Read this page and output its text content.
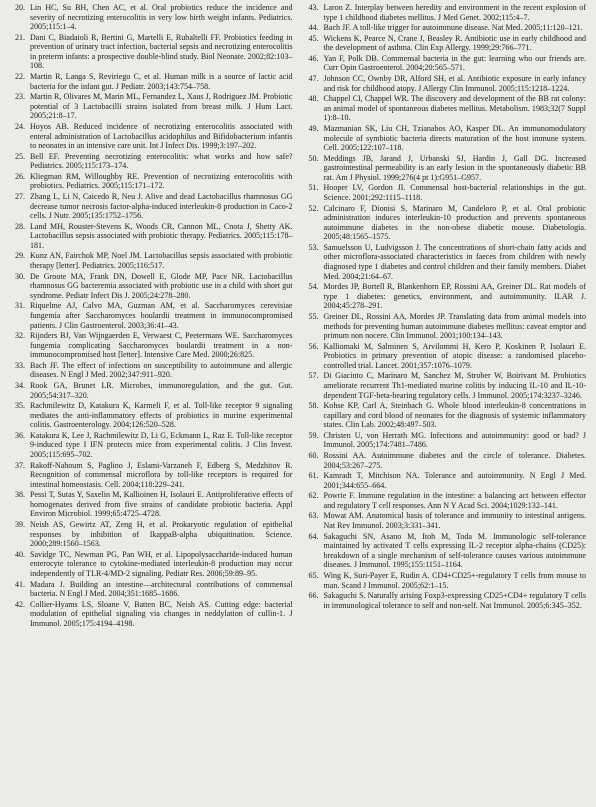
20. Lin HC, Su BH, Chen AC, et al. Oral probiotics reduce the incidence and severity of necrotizing enterocolitis in very low birth weight infants. Pediatrics. 2005;115:1–4.
21. Dani C, Biadaioli R, Bertini G, Martelli E, Rubaltelli FF. Probiotics feeding in prevention of urinary tract infection, bacterial sepsis and necrotizing enterocolitis in preterm infants: a prospective double-blind study. Biol Neonate. 2002;82:103–108.
22. Martin R, Langa S, Reviriego C, et al. Human milk is a source of lactic acid bacteria for the infant gut. J Pediatr. 2003;143:754–758.
23. Martin R, Olivares M, Marin ML, Fernandez L, Xaus J, Rodriguez JM. Probiotic potential of 3 Lactobacilli strains isolated from breast milk. J Hum Lact. 2005;21:8–17.
24. Hoyos AB. Reduced incidence of necrotizing enterocolitis associated with enteral administration of Lactobacillus acidophilus and Bifidobacterium infantis to neonates in an intensive care unit. Int J Infect Dis. 1999;3:197–202.
25. Bell EF. Preventing necrotizing enterocolitis: what works and how safe? Pediatrics. 2005;115:173–174.
26. Kliegman RM, Willoughby RE. Prevention of necrotizing enterocolitis with probiotics. Pediatrics. 2005;115:171–172.
27. Zhang L, Li N, Caicedo R, Neu J. Alive and dead Lactobacillus rhamnosus GG decrease tumor necrosis factor-alpha-induced interleukin-8 production in Caco-2 cells. J Nutr. 2005;135:1752–1756.
28. Land MH, Rouster-Stevens K, Woods CR, Cannon ML, Cnota J, Shetty AK. Lactobacillus sepsis associated with probiotic therapy. Pediatrics. 2005;115:178–181.
29. Kunz AN, Fairchok MP, Noel JM. Lactobacillus sepsis associated with probiotic therapy [letter]. Pediatrics. 2005;116:517.
30. De Groote MA, Frank DN, Dowell E, Glode MP, Pace NR. Lactobacillus rhamnosus GG bacteremia associated with probiotic use in a child with short gut syndrome. Pediatr Infect Dis J. 2005;24:278–280.
31. Riquelme AJ, Calvo MA, Guzman AM, et al. Saccharomyces cerevisiae fungemia after Saccharomyces boulardii treatment in immunocompromised patients. J Clin Gastroenterol. 2003;36:41–43.
32. Rijnders BJ, Van Wijngaerden E, Verwaest C, Peetermans WE. Saccharomyces fungemia complicating Saccharomyces boulardii treatment in a non-immunocompromised host [letter]. Intensive Care Med. 2000;26:825.
33. Bach JF. The effect of infections on susceptibility to autoimmune and allergic diseases. N Engl J Med. 2002;347:911–920.
34. Rook GA, Brunet LR. Microbes, immunoregulation, and the gut. Gut. 2005;54:317–320.
35. Rachmilewitz D, Katakura K, Karmeli F, et al. Toll-like receptor 9 signaling mediates the anti-inflammatory effects of probiotics in murine experimental colitis. Gastroenterology. 2004;126:520–528.
36. Katakura K, Lee J, Rachmilewitz D, Li G, Eckmann L, Raz E. Toll-like receptor 9-induced type I IFN protects mice from experimental colitis. J Clin Invest. 2005;115:695–702.
37. Rakoff-Nahoum S, Paglino J, Eslami-Varzaneh F, Edberg S, Medzhitov R. Recognition of commensal microflora by toll-like receptors is required for intestinal homeostasis. Cell. 2004;118:229–241.
38. Pessi T, Sutas Y, Saxelin M, Kallioinen H, Isolauri E. Antiproliferative effects of homogenates derived from five strains of candidate probiotic bacteria. Appl Environ Microbiol. 1999;65:4725–4728.
39. Neish AS, Gewirtz AT, Zeng H, et al. Prokaryotic regulation of epithelial responses by inhibition of IkappaB-alpha ubiquitination. Science. 2000;289:1560–1563.
40. Savidge TC, Newman PG, Pan WH, et al. Lipopolysaccharide-induced human enterocyte tolerance to cytokine-mediated interleukin-8 production may occur independently of TLR-4/MD-2 signaling. Pediatr Res. 2006;59:89–95.
41. Madara J. Building an intestine—architectural contributions of commensal bacteria. N Engl J Med. 2004;351:1685–1686.
42. Collier-Hyams LS, Sloane V, Batten BC, Neish AS. Cutting edge: bacterial modulation of epithelial signaling via changes in neddylation of cullin-1. J Immunol. 2005;175:4194–4198.
43. Laron Z. Interplay between heredity and environment in the recent explosion of type 1 childhood diabetes mellitus. J Med Genet. 2002;115:4–7.
44. Bach JF. A toll-like trigger for autoimmune disease. Nat Med. 2005;11:120–121.
45. Wickens K, Pearce N, Crane J, Beasley R. Antibiotic use in early childhood and the development of asthma. Clin Exp Allergy. 1999;29:766–771.
46. Yan F, Polk DB. Commensal bacteria in the gut: learning who our friends are. Curr Opin Gastroenterol. 2004;20:565–571.
47. Johnson CC, Ownby DR, Alford SH, et al. Antibiotic exposure in early infancy and risk for childhood atopy. J Allergy Clin Immunol. 2005;115:1218–1224.
48. Chappel CI, Chappel WR. The discovery and development of the BB rat colony: an animal model of spontaneous diabetes mellitus. Metabolism. 1983;32(7 Suppl 1):8–10.
49. Mazmanian SK, Liu CH, Tzianabos AO, Kasper DL. An immunomodulatory molecule of symbiotic bacteria directs maturation of the host immune system. Cell. 2005;122:107–118.
50. Meddings JB, Jarand J, Urbanski SJ, Hardin J, Gall DG. Increased gastrointestinal permeability is an early lesion in the spontaneously diabetic BB rat. Am J Physiol. 1999;276(4 pt 1):G951–G957.
51. Hooper LV, Gordon JI. Commensal host-bacterial relationships in the gut. Science. 2001;292:1115–1118.
52. Calcinaro F, Dionisi S, Marinaro M, Candeloro P, et al. Oral probiotic administration induces interleukin-10 production and prevents spontaneous autoimmune diabetes in the non-obese diabetic mouse. Diabetologia. 2005;48:1565–1575.
53. Samuelsson U, Ludvigsson J. The concentrations of short-chain fatty acids and other microflora-associated characteristics in faeces from children with newly diagnosed type 1 diabetes and control children and their family members. Diabet Med. 2004;21:64–67.
54. Mordes JP, Bortell R, Blankenhorn EP, Rossini AA, Greiner DL. Rat models of type 1 diabetes: genetics, environment, and autoimmunity. ILAR J. 2004;45:278–291.
55. Greiner DL, Rossini AA, Mordes JP. Translating data from animal models into methods for preventing human autoimmune diabetes mellitus: caveat emptor and primum non nocere. Clin Immunol. 2001;100:134–143.
56. Kalliomaki M, Salminen S, Arvilommi H, Kero P, Koskinen P, Isolauri E. Probiotics in primary prevention of atopic disease: a randomised placebo-controlled trial. Lancet. 2001;357:1076–1079.
57. Di Giacinto C, Marinaro M, Sanchez M, Strober W, Boirivant M. Probiotics ameliorate recurrent Th1-mediated murine colitis by inducing IL-10 and IL-10-dependent TGF-beta-bearing regulatory cells. J Immunol. 2005;174:3237–3246.
58. Kohse KP, Carl A, Steinbach G. Whole blood interleukin-8 concentrations in capillary and cord blood of neonates for the diagnosis of systemic inflammatory states. Clin Lab. 2002;48:497–503.
59. Christen U, von Herrath MG. Infections and autoimmunity: good or bad? J Immunol. 2005;174:7481–7486.
60. Rossini AA. Autoimmune diabetes and the circle of tolerance. Diabetes. 2004;53:267–275.
61. Kamradt T, Mitchison NA. Tolerance and autoimmunity. N Engl J Med. 2001;344:655–664.
62. Powrie F. Immune regulation in the intestine: a balancing act between effector and regulatory T cell responses. Ann N Y Acad Sci. 2004;1029:132–141.
63. Mowat AM. Anatomical basis of tolerance and immunity to intestinal antigens. Nat Rev Immunol. 2003;3:331–341.
64. Sakaguchi SN, Asano M, Itoh M, Toda M. Immunologic self-tolerance maintained by activated T cells expressing IL-2 receptor alpha-chains (CD25): breakdown of a single mechanism of self-tolerance causes various autoimmune diseases. J Immunol. 1995;155:1151–1164.
65. Wing K, Suri-Payer E, Rudin A. CD4+CD25+-regulatory T cells from mouse to man. Scand J Immunol. 2005;62:1–15.
66. Sakaguchi S. Naturally arising Foxp3-expressing CD25+CD4+ regulatory T cells in immunological tolerance to self and non-self. Nat Immunol. 2005;6:345–352.
